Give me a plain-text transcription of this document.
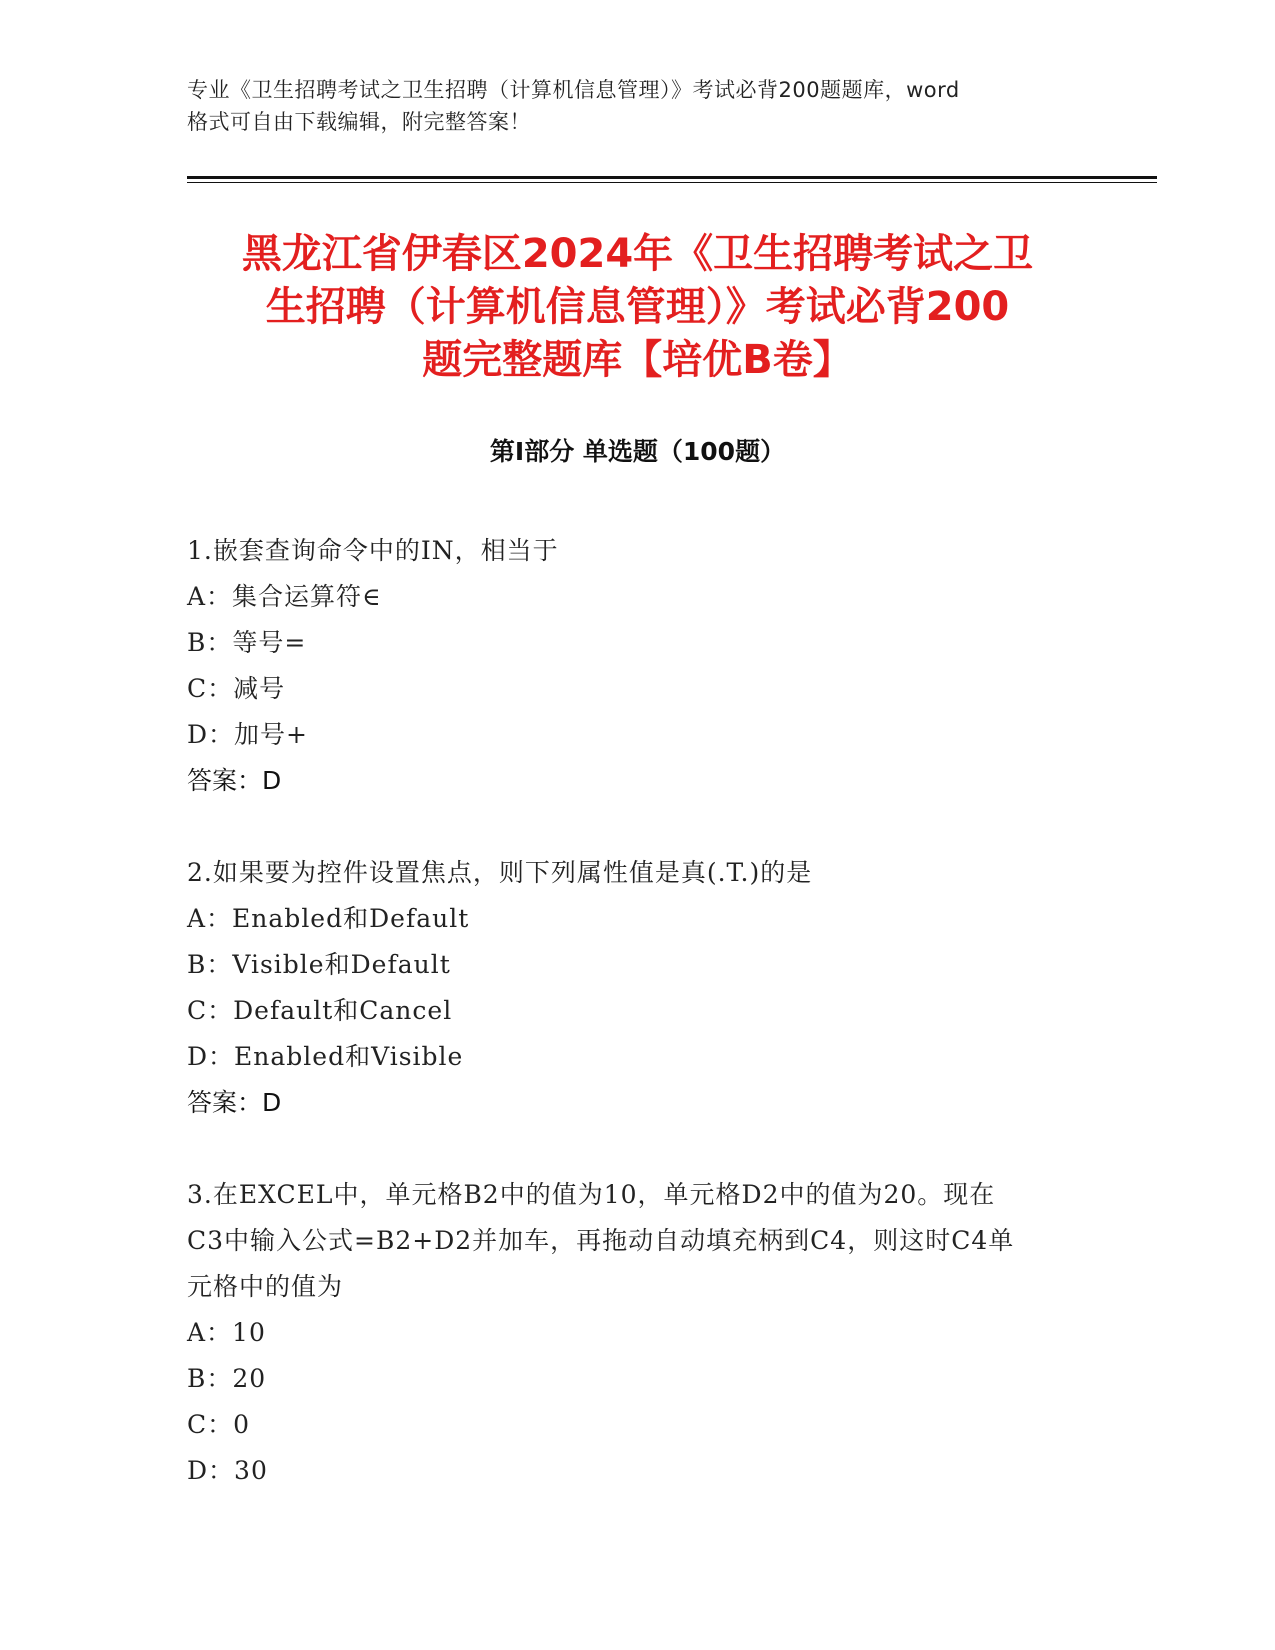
专业《卫生招聘考试之卫生招聘（计算机信息管理）》考试必背200题题库，word
格式可自由下载编辑，附完整答案！
黑龙江省伊春区2024年《卫生招聘考试之卫
生招聘（计算机信息管理）》考试必背200
题完整题库【培优B卷】
第I部分 单选题（100题）
1.嵌套查询命令中的IN，相当于
A：集合运算符∈
B：等号=
C：减号
D：加号+
答案：D
2.如果要为控件设置焦点，则下列属性值是真(.T.)的是
A：Enabled和Default
B：Visible和Default
C：Default和Cancel
D：Enabled和Visible
答案：D
3.在EXCEL中，单元格B2中的值为10，单元格D2中的值为20。现在
C3中输入公式=B2+D2并加车，再拖动自动填充柄到C4，则这时C4单
元格中的值为
A：10
B：20
C：0
D：30
